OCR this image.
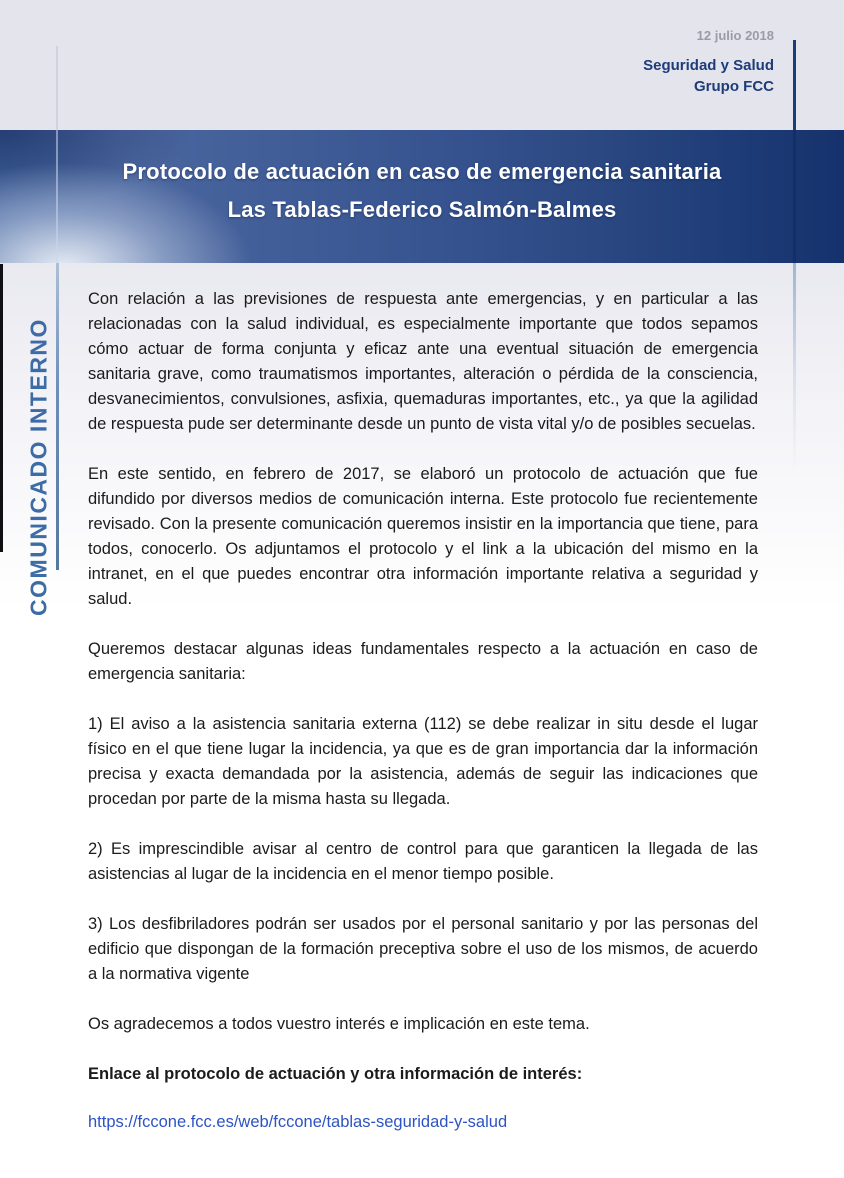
12 julio 2018

Seguridad y Salud

Grupo FCC

Protocolo de actuación en caso de emergencia sanitaria
Las Tablas-Federico Salmón-Balmes
COMUNICADO INTERNO

Con relación a las previsiones de respuesta ante emergencias, y en particular a las relacionadas con la salud individual, es especialmente importante que todos sepamos cómo actuar de forma conjunta y eficaz ante una eventual situación de emergencia sanitaria grave, como traumatismos importantes, alteración o pérdida de la consciencia, desvanecimientos, convulsiones, asfixia, quemaduras importantes, etc., ya que la agilidad de respuesta pude ser determinante desde un punto de vista vital y/o de posibles secuelas.

En este sentido, en febrero de 2017, se elaboró un protocolo de actuación que fue difundido por diversos medios de comunicación interna. Este protocolo fue recientemente revisado. Con la presente comunicación queremos insistir en la importancia que tiene, para todos, conocerlo. Os adjuntamos el protocolo y el link a la ubicación del mismo en la intranet, en el que puedes encontrar otra información importante relativa a seguridad y salud.

Queremos destacar algunas ideas fundamentales respecto a la actuación en caso de emergencia sanitaria:

1) El aviso a la asistencia sanitaria externa (112) se debe realizar in situ desde el lugar físico en el que tiene lugar la incidencia, ya que es de gran importancia dar la información precisa y exacta demandada por la asistencia, además de seguir las indicaciones que procedan por parte de la misma hasta su llegada.

2) Es imprescindible avisar al centro de control para que garanticen la llegada de las asistencias al lugar de la incidencia en el menor tiempo posible.

3) Los desfibriladores podrán ser usados por el personal sanitario y por las personas del edificio que dispongan de la formación preceptiva sobre el uso de los mismos, de acuerdo a la normativa vigente

Os agradecemos a todos vuestro interés e implicación en este tema.

Enlace al protocolo de actuación y otra información de interés:

https://fccone.fcc.es/web/fccone/tablas-seguridad-y-salud
